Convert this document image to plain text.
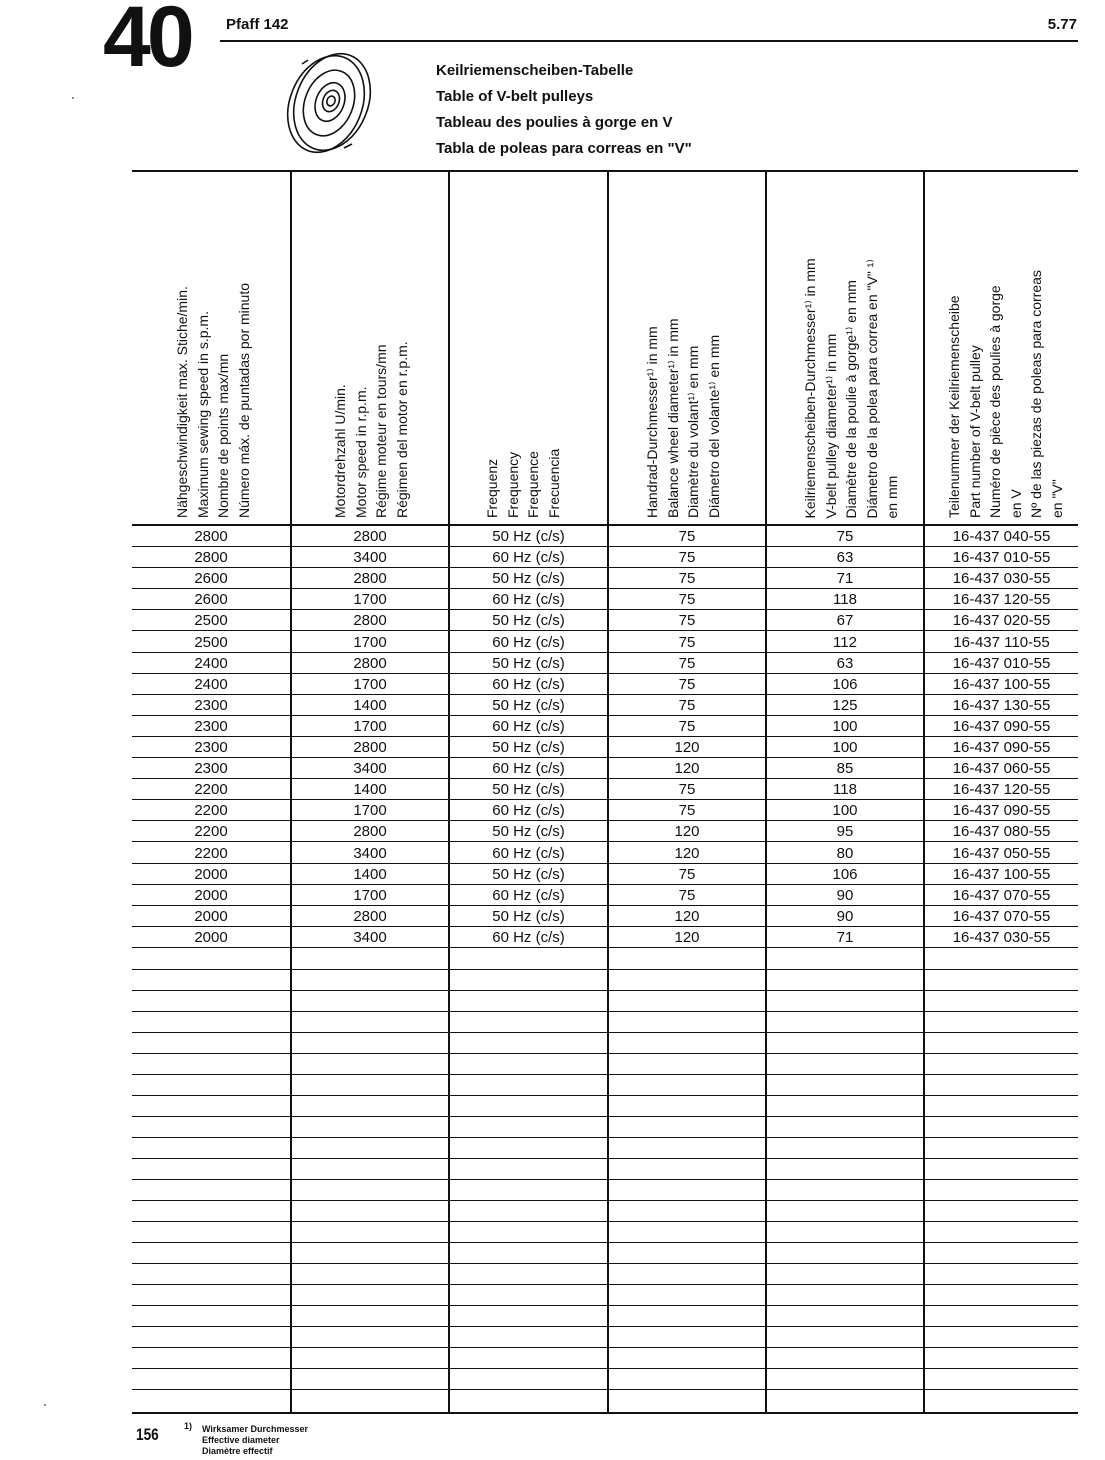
40 Pfaff 142	5.77
Keilriemenscheiben-Tabelle
Table of V-belt pulleys
Tableau des poulies à gorge en V
Tabla de poleas para correas en "V"
Nähgeschwindigkeit max. Stiche/min. Maximum sewing speed in s.p.m. Nombre de points max/mn Número máx. de puntadas por minuto	Motordrehzahl U/min. Motor speed in r.p.m. Régime moteur en tours/mn Régimen del motor en r.p.m.	Frequenz Frequency Frequence Frecuencia	Handrad-Durchmesser¹⁾ in mm Balance wheel diameter¹⁾ in mm Diamètre du volant¹⁾ en mm Diámetro del volante¹⁾ en mm	Keilriemenscheiben-Durchmesser¹⁾ in mm V-belt pulley diameter¹⁾ in mm Diamètre de la poulie à gorge¹⁾ en mm Diámetro de la polea para correa en "V" ¹⁾ en mm	Teilenummer der Keilriemenscheibe Part number of V-belt pulley Numéro de pièce des poulies à gorge en V Nº de las piezas de poleas para correas en "V"
2800	2800	50 Hz (c/s)	75	75	16-437 040-55
2800	3400	60 Hz (c/s)	75	63	16-437 010-55
2600	2800	50 Hz (c/s)	75	71	16-437 030-55
2600	1700	60 Hz (c/s)	75	118	16-437 120-55
2500	2800	50 Hz (c/s)	75	67	16-437 020-55
2500	1700	60 Hz (c/s)	75	112	16-437 110-55
2400	2800	50 Hz (c/s)	75	63	16-437 010-55
2400	1700	60 Hz (c/s)	75	106	16-437 100-55
2300	1400	50 Hz (c/s)	75	125	16-437 130-55
2300	1700	60 Hz (c/s)	75	100	16-437 090-55
2300	2800	50 Hz (c/s)	120	100	16-437 090-55
2300	3400	60 Hz (c/s)	120	85	16-437 060-55
2200	1400	50 Hz (c/s)	75	118	16-437 120-55
2200	1700	60 Hz (c/s)	75	100	16-437 090-55
2200	2800	50 Hz (c/s)	120	95	16-437 080-55
2200	3400	60 Hz (c/s)	120	80	16-437 050-55
2000	1400	50 Hz (c/s)	75	106	16-437 100-55
2000	1700	60 Hz (c/s)	75	90	16-437 070-55
2000	2800	50 Hz (c/s)	120	90	16-437 070-55
2000	3400	60 Hz (c/s)	120	71	16-437 030-55
156	1)	Wirksamer Durchmesser
Effective diameter
Diamètre effectif
